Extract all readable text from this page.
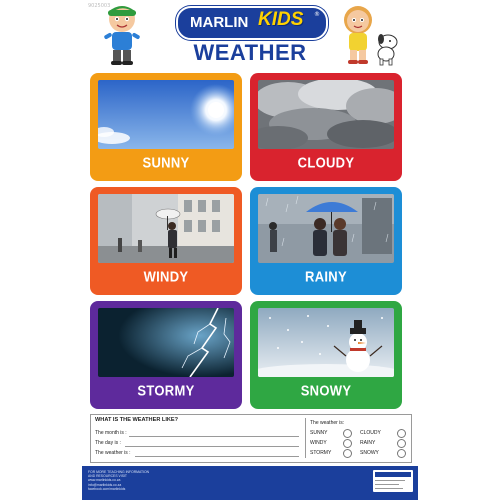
9025003
MARLIN KIDS ®
WEATHER
SUNNY	CLOUDY
WINDY	RAINY
STORMY	SNOWY
WHAT IS THE WEATHER LIKE?
The month is :
The day is :
The weather is :
The weather is:
SUNNY	CLOUDY
WINDY	RAINY
STORMY	SNOWY
FOR MORE TEACHING INFORMATION
AND RESOURCES VISIT
www.marlinkids.co.za
info@marlinkids.co.za
facebook.com/marlinkids
